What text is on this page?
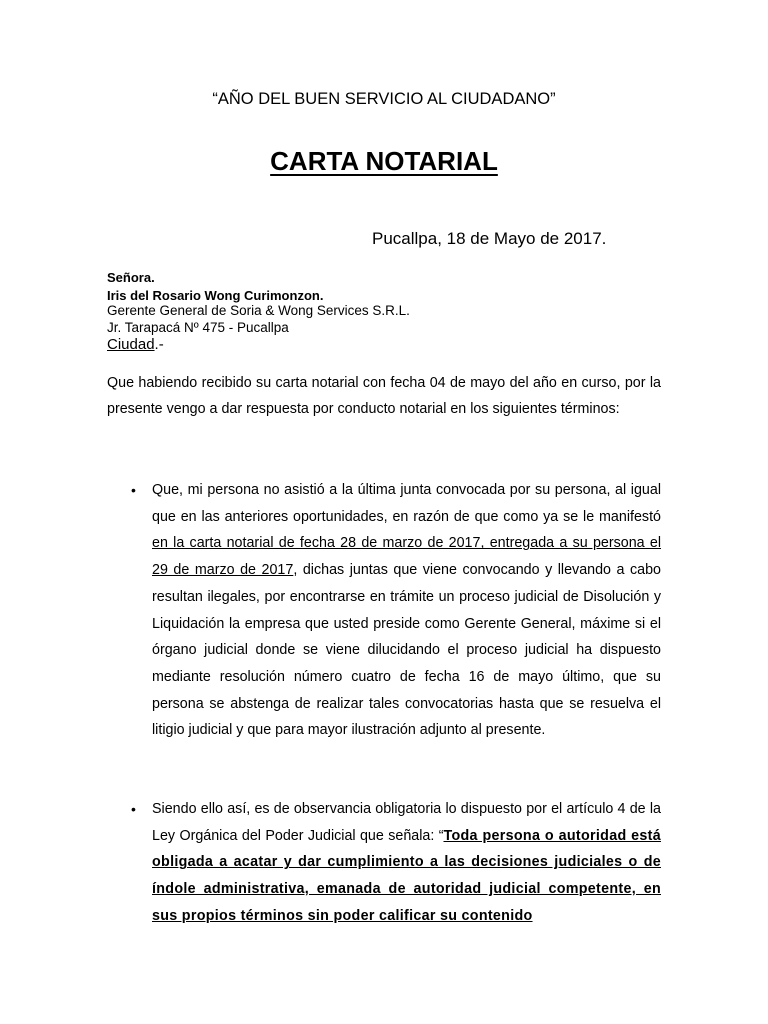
“AÑO DEL BUEN SERVICIO AL CIUDADANO”
CARTA NOTARIAL
Pucallpa, 18 de Mayo de 2017.
Señora.
Iris del Rosario Wong Curimonzon.
Gerente General de Soria & Wong Services S.R.L.
Jr. Tarapacá Nº 475 - Pucallpa
Ciudad.-

Que habiendo recibido su carta notarial con fecha 04 de mayo del año en curso, por la presente vengo a dar respuesta por conducto notarial en los siguientes términos:

• Que, mi persona no asistió a la última junta convocada por su persona, al igual que en las anteriores oportunidades, en razón de que como ya se le manifestó en la carta notarial de fecha 28 de marzo de 2017, entregada a su persona el 29 de marzo de 2017, dichas juntas que viene convocando y llevando a cabo resultan ilegales, por encontrarse en trámite un proceso judicial de Disolución y Liquidación la empresa que usted preside como Gerente General, máxime si el órgano judicial donde se viene dilucidando el proceso judicial ha dispuesto mediante resolución número cuatro de fecha 16 de mayo último, que su persona se abstenga de realizar tales convocatorias hasta que se resuelva el litigio judicial y que para mayor ilustración adjunto al presente.

• Siendo ello así, es de observancia obligatoria lo dispuesto por el artículo 4 de la Ley Orgánica del Poder Judicial que señala: “Toda persona o autoridad está obligada a acatar y dar cumplimiento a las decisiones judiciales o de índole administrativa, emanada de autoridad judicial competente, en sus propios términos sin poder calificar su contenido
